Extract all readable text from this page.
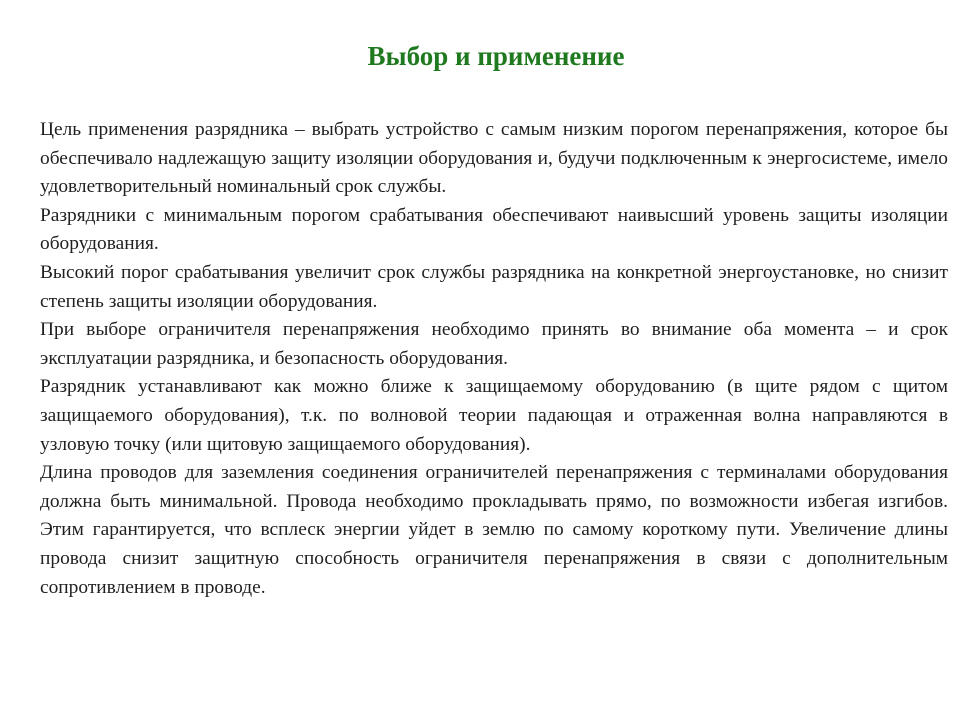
Выбор и применение

Цель применения разрядника – выбрать устройство с самым низким порогом перенапряжения, которое бы обеспечивало надлежащую защиту изоляции оборудования и, будучи подключенным к энергосистеме, имело удовлетворительный номинальный срок службы.

Разрядники с минимальным порогом срабатывания обеспечивают наивысший уровень защиты изоляции оборудования.

Высокий порог срабатывания увеличит срок службы разрядника на конкретной энергоустановке, но снизит степень защиты изоляции оборудования.

При выборе ограничителя перенапряжения необходимо принять во внимание оба момента – и срок эксплуатации разрядника, и безопасность оборудования.

Разрядник устанавливают как можно ближе к защищаемому оборудованию (в щите рядом с щитом защищаемого оборудования), т.к. по волновой теории падающая и отраженная волна направляются в узловую точку (или щитовую защищаемого оборудования).

Длина проводов для заземления соединения ограничителей перенапряжения с терминалами оборудования должна быть минимальной. Провода необходимо прокладывать прямо, по возможности избегая изгибов. Этим гарантируется, что всплеск энергии уйдет в землю по самому короткому пути. Увеличение длины провода снизит защитную способность ограничителя перенапряжения в связи с дополнительным сопротивлением в проводе.
